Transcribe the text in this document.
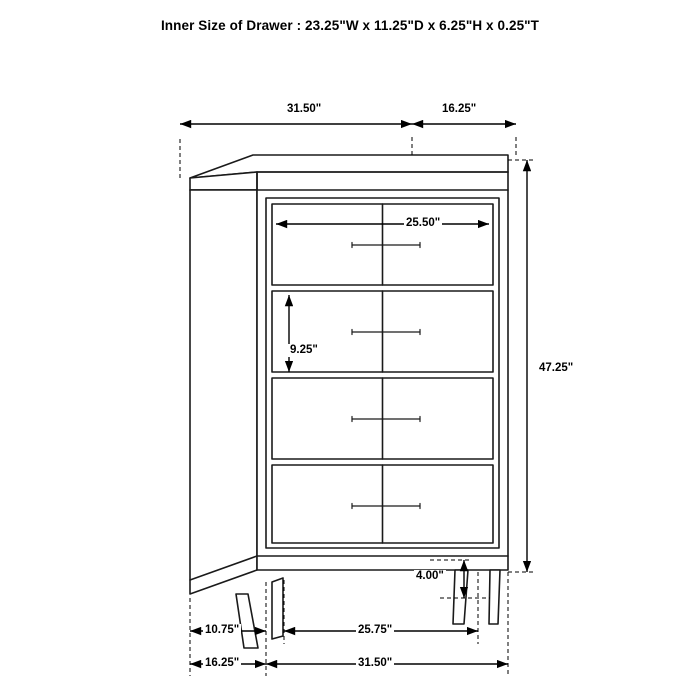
Inner Size of Drawer : 23.25"W x 11.25"D x 6.25"H x 0.25"T
31.50"	16.25"
25.50"
9.25"
47.25"
4.00"
10.75"
16.25"
25.75"
31.50"
